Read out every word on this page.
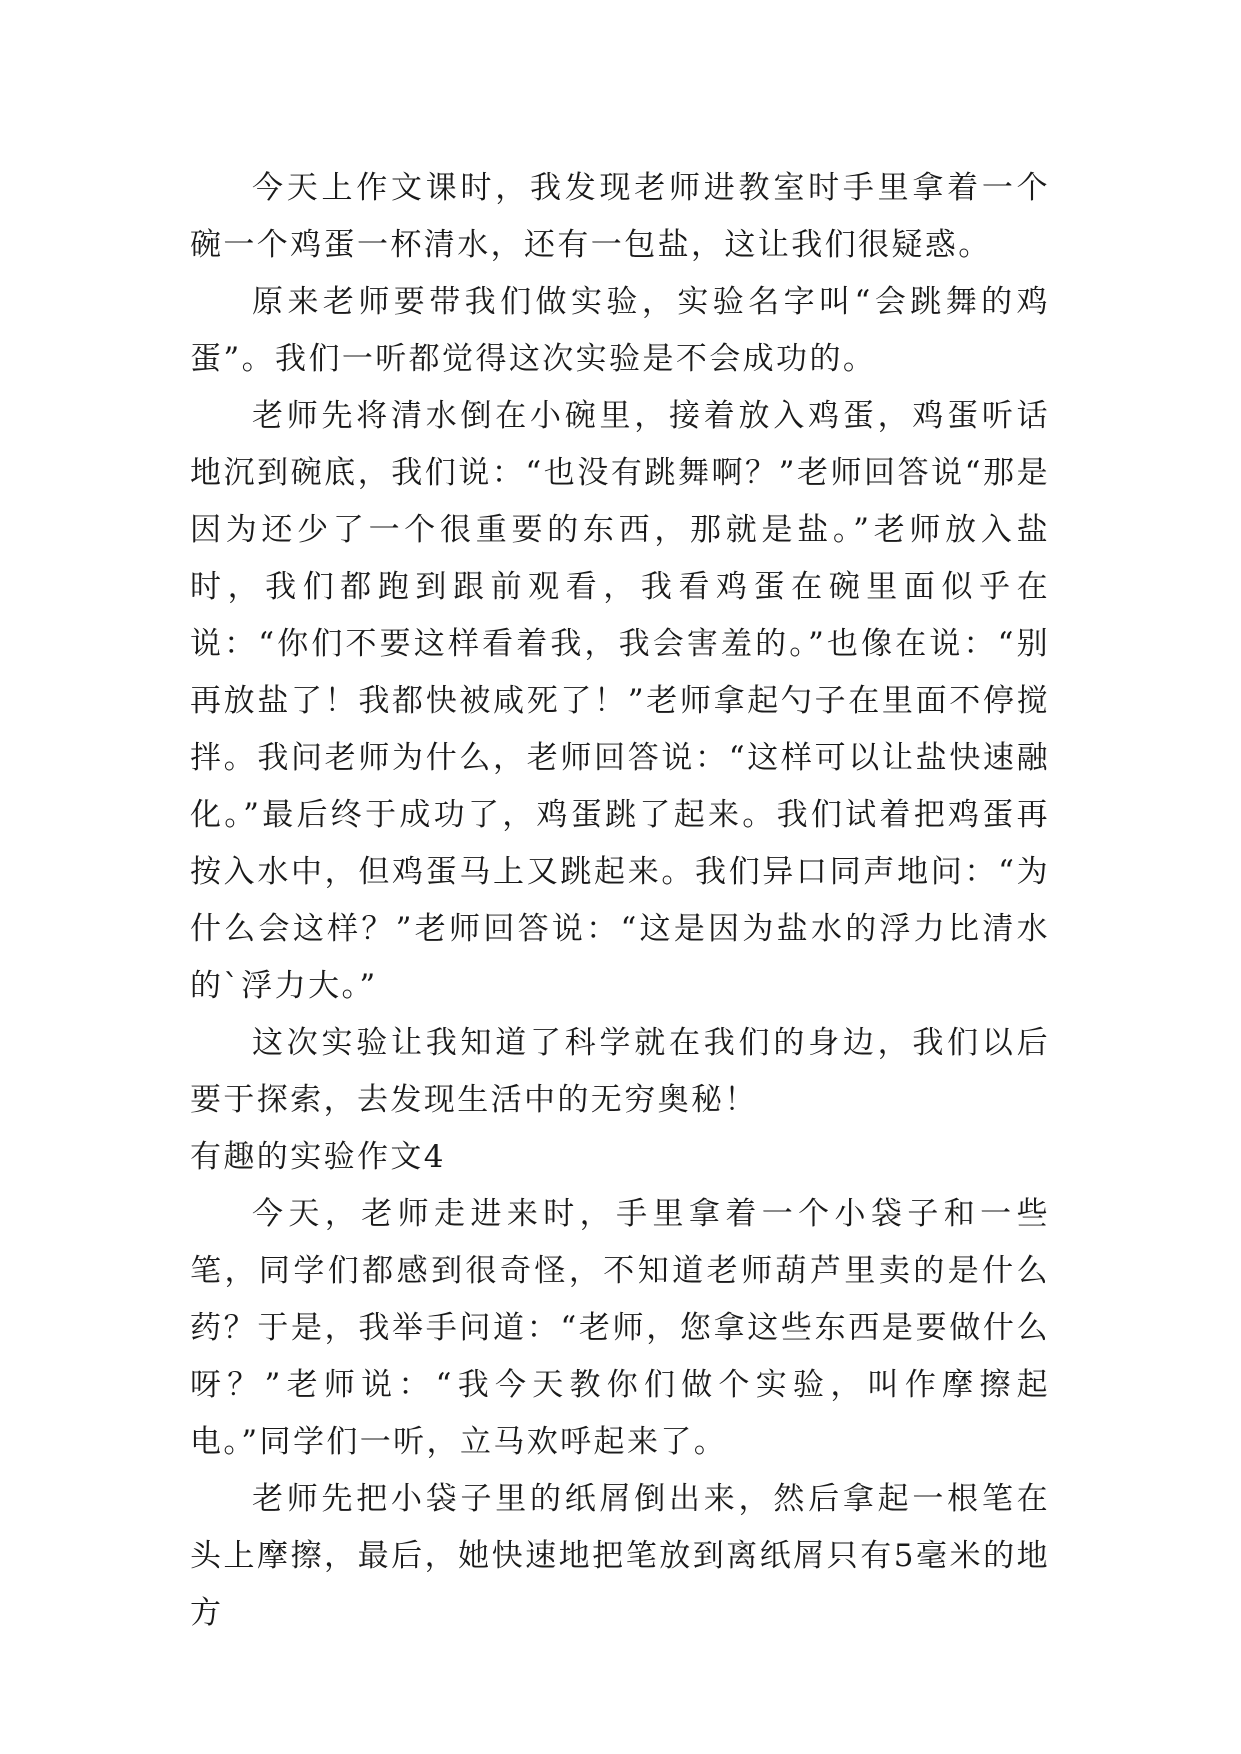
今天上作文课时，我发现老师进教室时手里拿着一个碗一个鸡蛋一杯清水，还有一包盐，这让我们很疑惑。

原来老师要带我们做实验，实验名字叫“会跳舞的鸡蛋”。我们一听都觉得这次实验是不会成功的。

老师先将清水倒在小碗里，接着放入鸡蛋，鸡蛋听话地沉到碗底，我们说：“也没有跳舞啊？”老师回答说“那是因为还少了一个很重要的东西，那就是盐。”老师放入盐时，我们都跑到跟前观看，我看鸡蛋在碗里面似乎在说：“你们不要这样看着我，我会害羞的。”也像在说：“别再放盐了！我都快被咸死了！”老师拿起勺子在里面不停搅拌。我问老师为什么，老师回答说：“这样可以让盐快速融化。”最后终于成功了，鸡蛋跳了起来。我们试着把鸡蛋再按入水中，但鸡蛋马上又跳起来。我们异口同声地问：“为什么会这样？”老师回答说：“这是因为盐水的浮力比清水的`浮力大。”

这次实验让我知道了科学就在我们的身边，我们以后要于探索，去发现生活中的无穷奥秘！

有趣的实验作文4

今天，老师走进来时，手里拿着一个小袋子和一些笔，同学们都感到很奇怪，不知道老师葫芦里卖的是什么药？于是，我举手问道：“老师，您拿这些东西是要做什么呀？”老师说：“我今天教你们做个实验，叫作摩擦起电。”同学们一听，立马欢呼起来了。

老师先把小袋子里的纸屑倒出来，然后拿起一根笔在头上摩擦，最后，她快速地把笔放到离纸屑只有5毫米的地方
